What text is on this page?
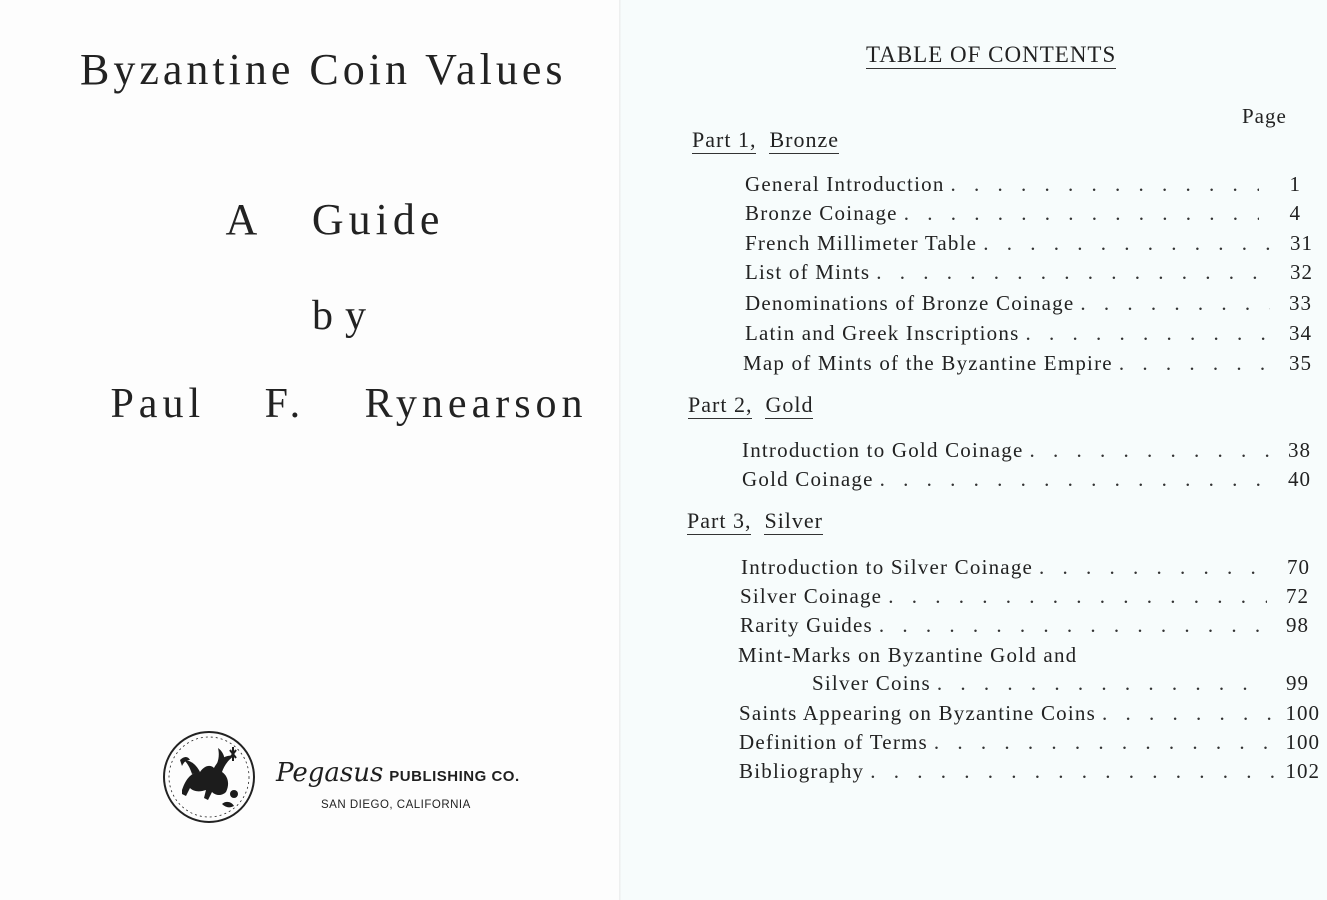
Byzantine Coin Values
A Guide
by
Paul F. Rynearson
Pegasus PUBLISHING CO.
SAN DIEGO, CALIFORNIA
TABLE OF CONTENTS
Page
Part 1, Bronze
General Introduction . . .	1
Bronze Coinage . . .	4
French Millimeter Table . . .	31
List of Mints . . .	32
Denominations of Bronze Coinage . . .	33
Latin and Greek Inscriptions . . .	34
Map of Mints of the Byzantine Empire . . .	35
Part 2, Gold
Introduction to Gold Coinage . . .	38
Gold Coinage . . .	40
Part 3, Silver
Introduction to Silver Coinage . . .	70
Silver Coinage . . .	72
Rarity Guides . . .	98
Mint-Marks on Byzantine Gold and
Silver Coins . . .	99
Saints Appearing on Byzantine Coins . . .	100
Definition of Terms . . .	100
Bibliography . . .	102
